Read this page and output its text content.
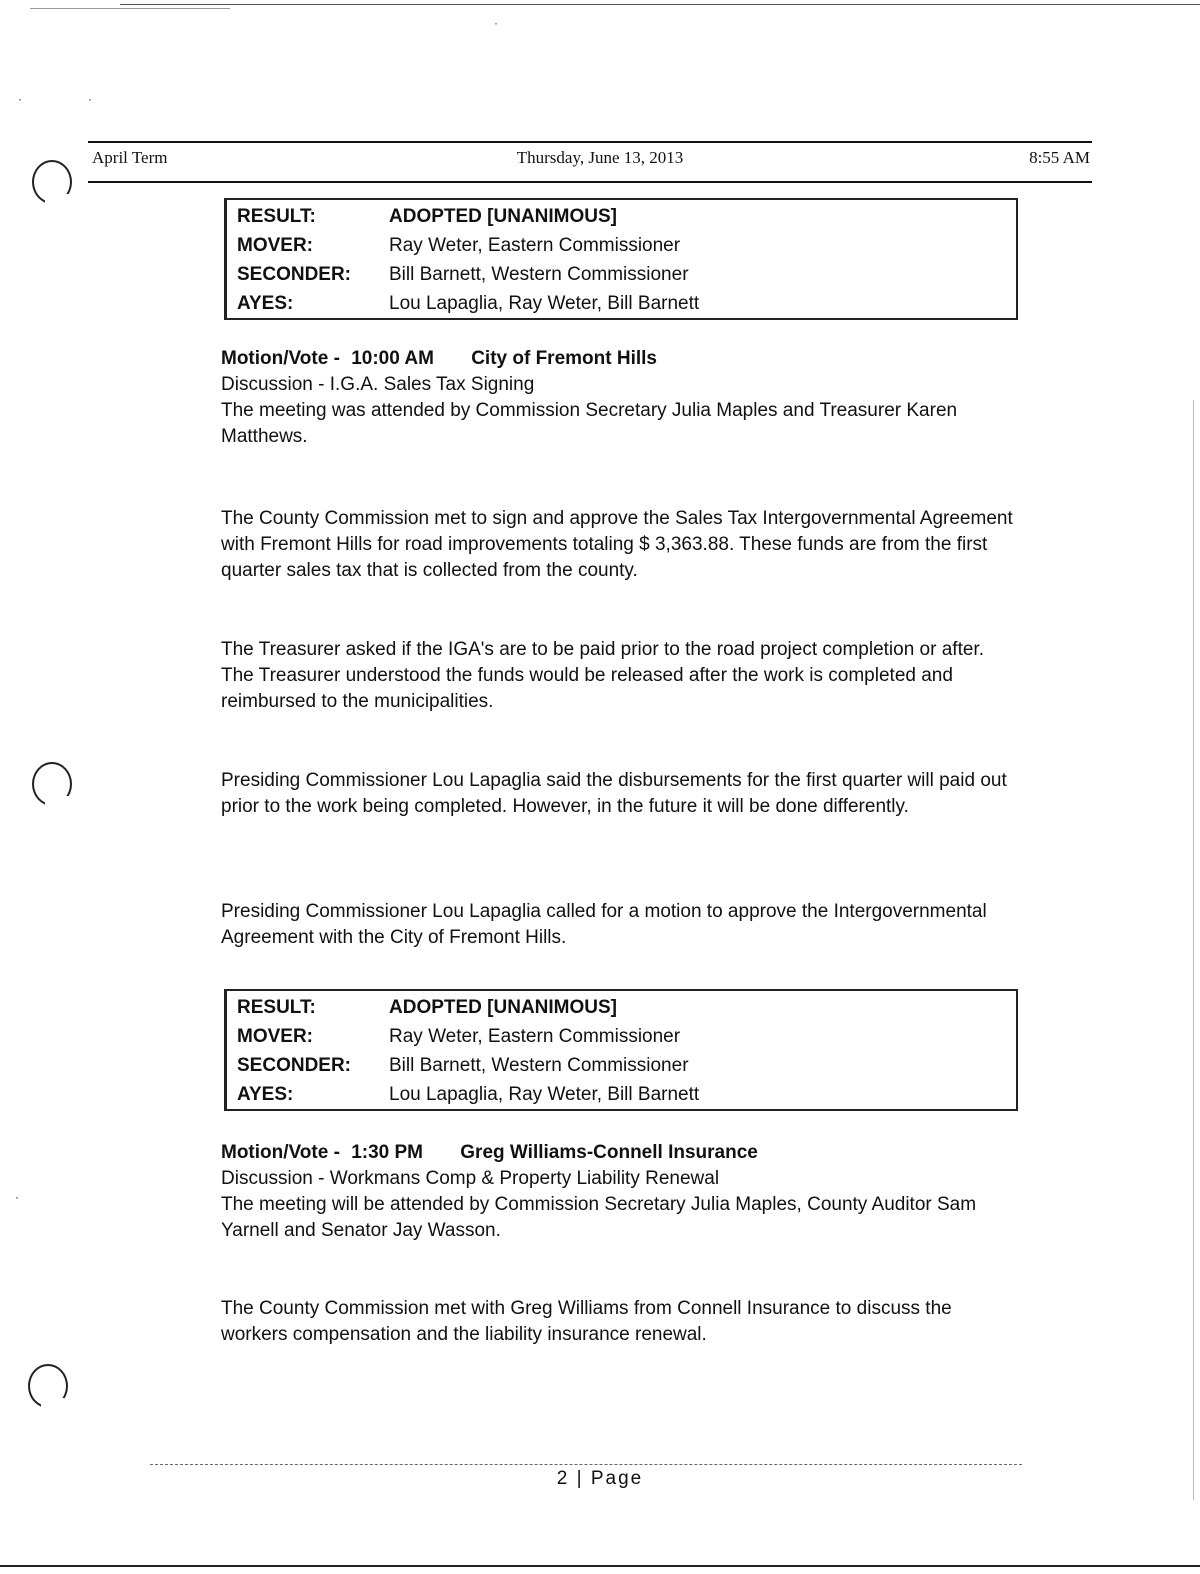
·	·
·
·
April Term	Thursday, June 13, 2013	8:55 AM
RESULT:	ADOPTED [UNANIMOUS]
MOVER:	Ray Weter, Eastern Commissioner
SECONDER:	Bill Barnett, Western Commissioner
AYES:	Lou Lapaglia, Ray Weter, Bill Barnett

Motion/Vote - 10:00 AM City of Fremont Hills

Discussion - I.G.A. Sales Tax Signing

The meeting was attended by Commission Secretary Julia Maples and Treasurer Karen Matthews.

The County Commission met to sign and approve the Sales Tax Intergovernmental Agreement with Fremont Hills for road improvements totaling $ 3,363.88. These funds are from the first quarter sales tax that is collected from the county.
The Treasurer asked if the IGA's are to be paid prior to the road project completion or after. The Treasurer understood the funds would be released after the work is completed and reimbursed to the municipalities.
Presiding Commissioner Lou Lapaglia said the disbursements for the first quarter will paid out prior to the work being completed. However, in the future it will be done differently.
Presiding Commissioner Lou Lapaglia called for a motion to approve the Intergovernmental Agreement with the City of Fremont Hills.
RESULT:	ADOPTED [UNANIMOUS]
MOVER:	Ray Weter, Eastern Commissioner
SECONDER:	Bill Barnett, Western Commissioner
AYES:	Lou Lapaglia, Ray Weter, Bill Barnett

Motion/Vote - 1:30 PM Greg Williams-Connell Insurance

Discussion - Workmans Comp & Property Liability Renewal

The meeting will be attended by Commission Secretary Julia Maples, County Auditor Sam Yarnell and Senator Jay Wasson.

The County Commission met with Greg Williams from Connell Insurance to discuss the workers compensation and the liability insurance renewal.
2 | Page
